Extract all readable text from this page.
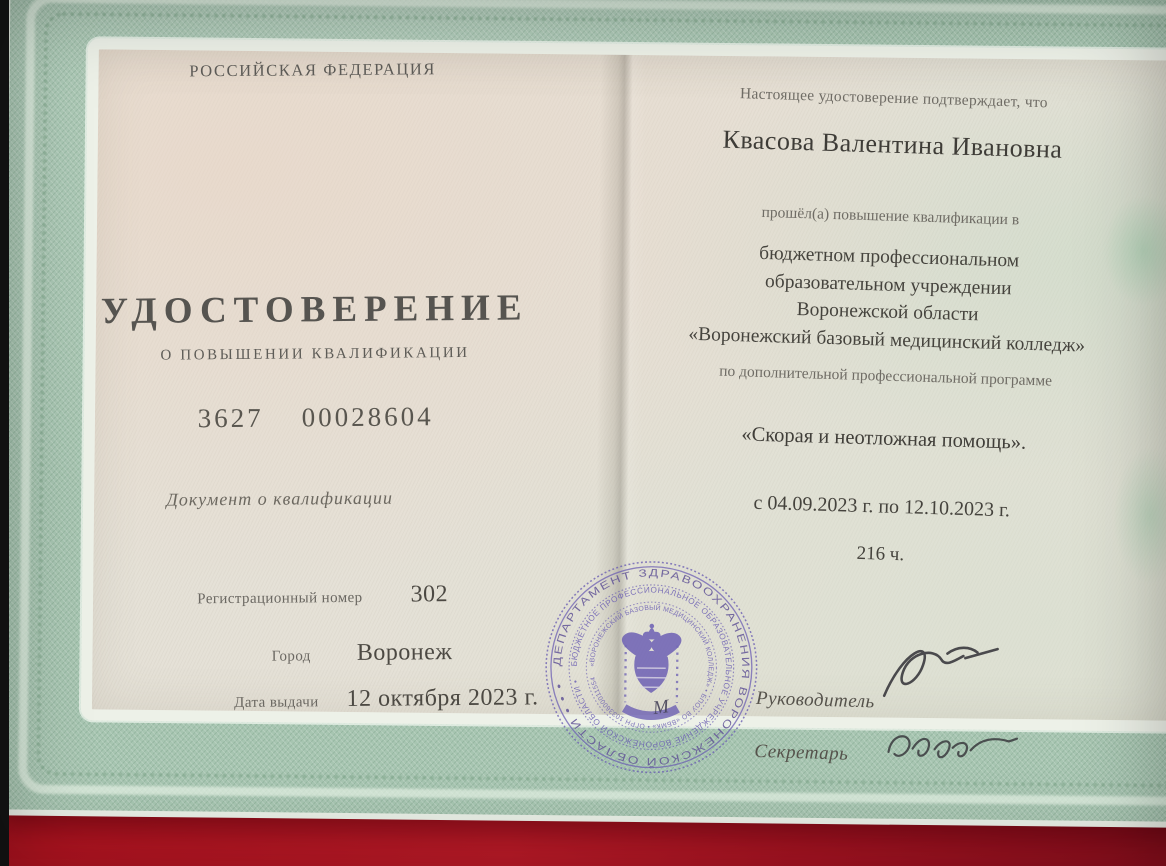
РОССИЙСКАЯ ФЕДЕРАЦИЯ
УДОСТОВЕРЕНИЕ
О ПОВЫШЕНИИ КВАЛИФИКАЦИИ
3627 00028604
Документ о квалификации
Регистрационный номер 302
Город Воронеж
Дата выдачи 12 октября 2023 г.
Настоящее удостоверение подтверждает, что
Квасова Валентина Ивановна
прошёл(а) повышение квалификации в
бюджетном профессиональном
образовательном учреждении
Воронежской области
«Воронежский базовый медицинский колледж»
по дополнительной профессиональной программе
«Скорая и неотложная помощь».
с 04.09.2023 г. по 12.10.2023 г.
216 ч.
Руководитель
Секретарь
ДЕПАРТАМЕНТ ЗДРАВООХРАНЕНИЯ ВОРОНЕЖСКОЙ ОБЛАСТИ • • •
БЮДЖЕТНОЕ ПРОФЕССИОНАЛЬНОЕ ОБРАЗОВАТЕЛЬНОЕ УЧРЕЖДЕНИЕ ВОРОНЕЖСКОЙ ОБЛАСТИ •
«ВОРОНЕЖСКИЙ БАЗОВЫЙ МЕДИЦИНСКИЙ КОЛЛЕДЖ» • БПОУ ВО «ВБМК» • ОГРН 1033600011554
М
